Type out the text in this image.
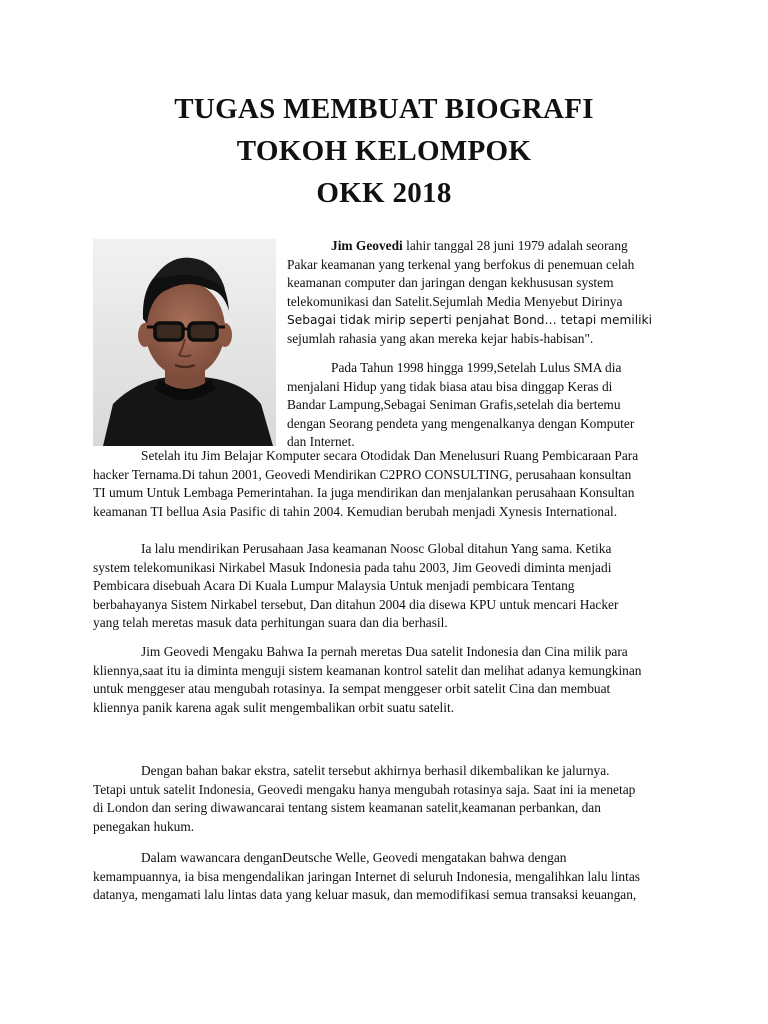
TUGAS MEMBUAT BIOGRAFI
TOKOH KELOMPOK
OKK 2018
Jim Geovedi lahir tanggal 28 juni 1979 adalah seorang
Pakar keamanan yang terkenal yang berfokus di penemuan celah
keamanan computer dan jaringan dengan kekhususan system
telekomunikasi dan Satelit.Sejumlah Media Menyebut Dirinya
Sebagai tidak mirip seperti penjahat Bond… tetapi memiliki
sejumlah rahasia yang akan mereka kejar habis-habisan".
Pada Tahun 1998 hingga 1999,Setelah Lulus SMA dia
menjalani Hidup yang tidak biasa atau bisa dinggap Keras di
Bandar Lampung,Sebagai Seniman Grafis,setelah dia bertemu
dengan Seorang pendeta yang mengenalkanya dengan Komputer
dan Internet.
Setelah itu Jim Belajar Komputer secara Otodidak Dan Menelusuri Ruang Pembicaraan Para
hacker Ternama.Di tahun 2001, Geovedi Mendirikan C2PRO CONSULTING, perusahaan konsultan
TI umum Untuk Lembaga Pemerintahan. Ia juga mendirikan dan menjalankan perusahaan Konsultan
keamanan TI bellua Asia Pasific di tahin 2004. Kemudian berubah menjadi Xynesis International.
Ia lalu mendirikan Perusahaan Jasa keamanan Noosc Global ditahun Yang sama. Ketika
system telekomunikasi Nirkabel Masuk Indonesia pada tahu 2003, Jim Geovedi diminta menjadi
Pembicara disebuah Acara Di Kuala Lumpur Malaysia Untuk menjadi pembicara Tentang
berbahayanya Sistem Nirkabel tersebut, Dan ditahun 2004 dia disewa KPU untuk mencari Hacker
yang telah meretas masuk data perhitungan suara dan dia berhasil.
Jim Geovedi Mengaku Bahwa Ia pernah meretas Dua satelit Indonesia dan Cina milik para
kliennya,saat itu ia diminta menguji sistem keamanan kontrol satelit dan melihat adanya kemungkinan
untuk menggeser atau mengubah rotasinya. Ia sempat menggeser orbit satelit Cina dan membuat
kliennya panik karena agak sulit mengembalikan orbit suatu satelit.
Dengan bahan bakar ekstra, satelit tersebut akhirnya berhasil dikembalikan ke jalurnya.
Tetapi untuk satelit Indonesia, Geovedi mengaku hanya mengubah rotasinya saja. Saat ini ia menetap
di London dan sering diwawancarai tentang sistem keamanan satelit,keamanan perbankan, dan
penegakan hukum.
Dalam wawancara denganDeutsche Welle, Geovedi mengatakan bahwa dengan
kemampuannya, ia bisa mengendalikan jaringan Internet di seluruh Indonesia, mengalihkan lalu lintas
datanya, mengamati lalu lintas data yang keluar masuk, dan memodifikasi semua transaksi keuangan,
